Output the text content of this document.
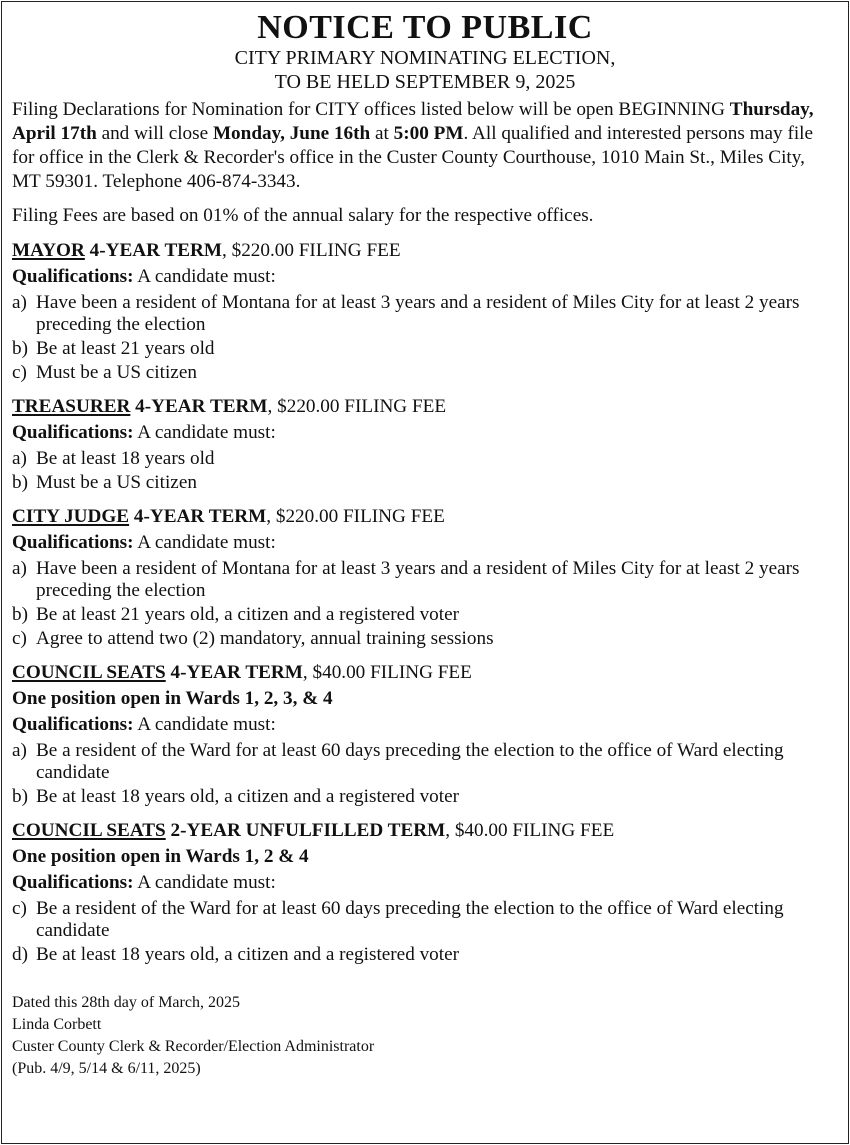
NOTICE TO PUBLIC
CITY PRIMARY NOMINATING ELECTION,
TO BE HELD SEPTEMBER 9, 2025

Filing Declarations for Nomination for CITY offices listed below will be open BEGINNING Thursday, April 17th and will close Monday, June 16th at 5:00 PM. All qualified and interested persons may file for office in the Clerk & Recorder's office in the Custer County Courthouse, 1010 Main St., Miles City, MT 59301. Telephone 406-874-3343.

Filing Fees are based on 01% of the annual salary for the respective offices.
MAYOR 4-YEAR TERM, $220.00 FILING FEE
Qualifications: A candidate must:
a) Have been a resident of Montana for at least 3 years and a resident of Miles City for at least 2 years preceding the election
b) Be at least 21 years old
c) Must be a US citizen
TREASURER 4-YEAR TERM, $220.00 FILING FEE
Qualifications: A candidate must:
a) Be at least 18 years old
b) Must be a US citizen
CITY JUDGE 4-YEAR TERM, $220.00 FILING FEE
Qualifications: A candidate must:
a) Have been a resident of Montana for at least 3 years and a resident of Miles City for at least 2 years preceding the election
b) Be at least 21 years old, a citizen and a registered voter
c) Agree to attend two (2) mandatory, annual training sessions
COUNCIL SEATS 4-YEAR TERM, $40.00 FILING FEE
One position open in Wards 1, 2, 3, & 4
Qualifications: A candidate must:
a) Be a resident of the Ward for at least 60 days preceding the election to the office of Ward electing candidate
b) Be at least 18 years old, a citizen and a registered voter
COUNCIL SEATS 2-YEAR UNFULFILLED TERM, $40.00 FILING FEE
One position open in Wards 1, 2 & 4
Qualifications: A candidate must:
c) Be a resident of the Ward for at least 60 days preceding the election to the office of Ward electing candidate
d) Be at least 18 years old, a citizen and a registered voter
Dated this 28th day of March, 2025
Linda Corbett
Custer County Clerk & Recorder/Election Administrator
(Pub. 4/9, 5/14 & 6/11, 2025)
